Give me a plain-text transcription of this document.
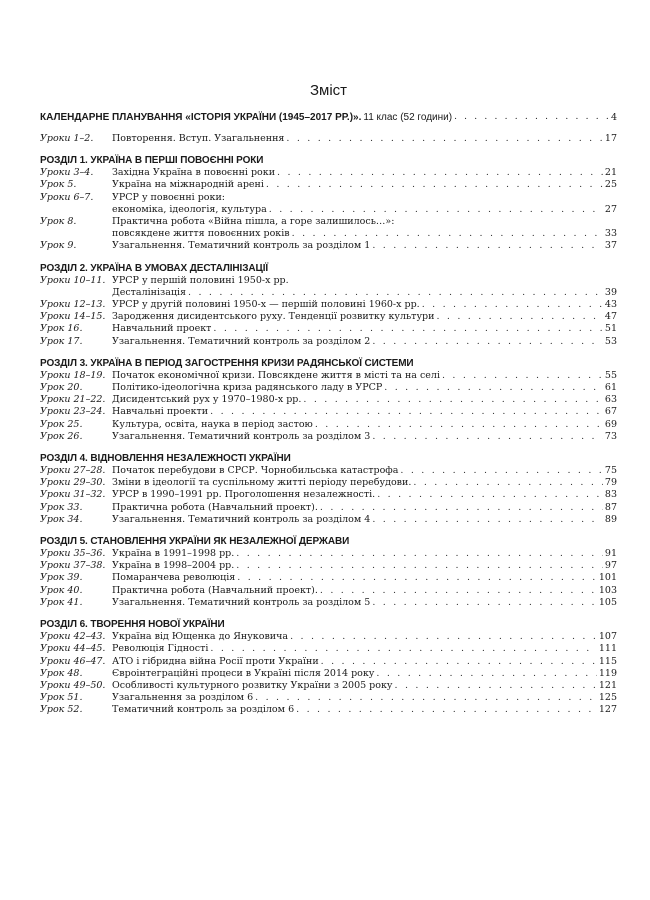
Зміст
КАЛЕНДАРНЕ ПЛАНУВАННЯ «ІСТОРІЯ УКРАЇНИ (1945–2017 РР.)». 11 клас (52 години) . . .	4
Уроки 1–2.	Повторення. Вступ. Узагальнення . . .	17
РОЗДІЛ 1. УКРАЇНА В ПЕРШІ ПОВОЄННІ РОКИ
Уроки 3–4.	Західна Україна в повоєнні роки . . .	21
Урок 5.	Україна на міжнародній арені . . .	25
Уроки 6–7.	УРСР у повоєнні роки:
економіка, ідеологія, культура . . .	27
Урок 8.	Практична робота «Війна пішла, а горе залишилось…»:
повсякдене життя повоєнних років . . .	33
Урок 9.	Узагальнення. Тематичний контроль за розділом 1 . . .	37
РОЗДІЛ 2. УКРАЇНА В УМОВАХ ДЕСТАЛІНІЗАЦІЇ
Уроки 10–11. УРСР у першій половині 1950-х рр.
Десталінізація . . .	39
Уроки 12–13. УРСР у другій половині 1950-х — першій половині 1960-х рр. . . .	43
Уроки 14–15. Зародження дисидентського руху. Тенденції розвитку культури . . .	47
Урок 16.	Навчальний проект . . .	51
Урок 17.	Узагальнення. Тематичний контроль за розділом 2 . . .	53
РОЗДІЛ 3. УКРАЇНА В ПЕРІОД ЗАГОСТРЕННЯ КРИЗИ РАДЯНСЬКОЇ СИСТЕМИ
Уроки 18–19. Початок економічної кризи. Повсякдене життя в місті та на селі . . .	55
Урок 20.	Політико-ідеологічна криза радянського ладу в УРСР . . .	61
Уроки 21–22. Дисидентський рух у 1970–1980-х рр. . . .	63
Уроки 23–24. Навчальні проекти . . .	67
Урок 25.	Культура, освіта, наука в період застою . . .	69
Урок 26.	Узагальнення. Тематичний контроль за розділом 3 . . .	73
РОЗДІЛ 4. ВІДНОВЛЕННЯ НЕЗАЛЕЖНОСТІ УКРАЇНИ
Уроки 27–28. Початок перебудови в СРСР. Чорнобильська катастрофа . . .	75
Уроки 29–30. Зміни в ідеології та суспільному житті періоду перебудови. . . .	79
Уроки 31–32. УРСР в 1990–1991 рр. Проголошення незалежності. . . .	83
Урок 33.	Практична робота (Навчальний проект). . . .	87
Урок 34.	Узагальнення. Тематичний контроль за розділом 4 . . .	89
РОЗДІЛ 5. СТАНОВЛЕННЯ УКРАЇНИ ЯК НЕЗАЛЕЖНОЇ ДЕРЖАВИ
Уроки 35–36. Україна в 1991–1998 рр. . . .	91
Уроки 37–38. Україна в 1998–2004 рр. . . .	97
Урок 39.	Помаранчева революція . . .	101
Урок 40.	Практична робота (Навчальний проект). . . .	103
Урок 41.	Узагальнення. Тематичний контроль за розділом 5 . . .	105
РОЗДІЛ 6. ТВОРЕННЯ НОВОЇ УКРАЇНИ
Уроки 42–43. Україна від Ющенка до Януковича . . .	107
Уроки 44–45. Революція Гідності . . .	111
Уроки 46–47. АТО і гібридна війна Росії проти України . . .	115
Урок 48.	Євроінтеграційні процеси в Україні після 2014 року . . .	119
Уроки 49–50. Особливості культурного розвитку України з 2005 року . . .	121
Урок 51.	Узагальнення за розділом 6 . . .	125
Урок 52.	Тематичний контроль за розділом 6 . . .	127
